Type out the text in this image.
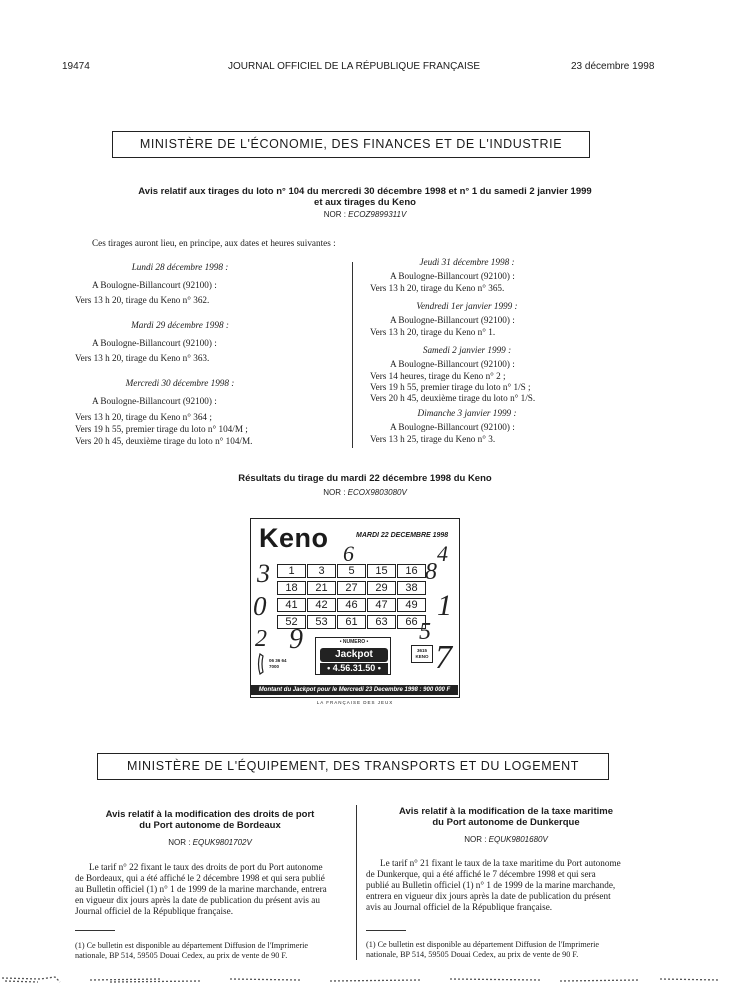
19474	JOURNAL OFFICIEL DE LA RÉPUBLIQUE FRANÇAISE	23 décembre 1998
MINISTÈRE DE L'ÉCONOMIE, DES FINANCES ET DE L'INDUSTRIE
Avis relatif aux tirages du loto n° 104 du mercredi 30 décembre 1998 et n° 1 du samedi 2 janvier 1999
et aux tirages du Keno
NOR : ECOZ9899311V
Ces tirages auront lieu, en principe, aux dates et heures suivantes :
Lundi 28 décembre 1998 :
A Boulogne-Billancourt (92100) :
Vers 13 h 20, tirage du Keno n° 362.
Mardi 29 décembre 1998 :
A Boulogne-Billancourt (92100) :
Vers 13 h 20, tirage du Keno n° 363.
Mercredi 30 décembre 1998 :
A Boulogne-Billancourt (92100) :
Vers 13 h 20, tirage du Keno n° 364 ;
Vers 19 h 55, premier tirage du loto n° 104/M ;
Vers 20 h 45, deuxième tirage du loto n° 104/M.
Jeudi 31 décembre 1998 :
A Boulogne-Billancourt (92100) :
Vers 13 h 20, tirage du Keno n° 365.
Vendredi 1er janvier 1999 :
A Boulogne-Billancourt (92100) :
Vers 13 h 20, tirage du Keno n° 1.
Samedi 2 janvier 1999 :
A Boulogne-Billancourt (92100) :
Vers 14 heures, tirage du Keno n° 2 ;
Vers 19 h 55, premier tirage du loto n° 1/S ;
Vers 20 h 45, deuxième tirage du loto n° 1/S.
Dimanche 3 janvier 1999 :
A Boulogne-Billancourt (92100) :
Vers 13 h 25, tirage du Keno n° 3.
Résultats du tirage du mardi 22 décembre 1998 du Keno
NOR : ECOX9803080V
Keno	MARDI 22 DECEMBRE 1998
1	3	5	15	16
18	21	27	29	38
41	42	46	47	49
52	53	61	63	66
6	4
3	8
0	1
2 9	5
7
06 36 64 7000
• NUMERO •
Jackpot
• 4.56.31.50 •
3615 KENO
Montant du Jackpot pour le Mercredi 23 Decembre 1998 : 900 000 F
LA FRANÇAISE DES JEUX
MINISTÈRE DE L'ÉQUIPEMENT, DES TRANSPORTS ET DU LOGEMENT
Avis relatif à la modification des droits de port
du Port autonome de Bordeaux
NOR : EQUK9801702V
Le tarif n° 22 fixant le taux des droits de port du Port autonome
de Bordeaux, qui a été affiché le 2 décembre 1998 et qui sera publié
au Bulletin officiel (1) n° 1 de 1999 de la marine marchande, entrera
en vigueur dix jours après la date de publication du présent avis au
Journal officiel de la République française.
(1) Ce bulletin est disponible au département Diffusion de l'Imprimerie
nationale, BP 514, 59505 Douai Cedex, au prix de vente de 90 F.
Avis relatif à la modification de la taxe maritime
du Port autonome de Dunkerque
NOR : EQUK9801680V
Le tarif n° 21 fixant le taux de la taxe maritime du Port autonome
de Dunkerque, qui a été affiché le 7 décembre 1998 et qui sera
publié au Bulletin officiel (1) n° 1 de 1999 de la marine marchande,
entrera en vigueur dix jours après la date de publication du présent
avis au Journal officiel de la République française.
(1) Ce bulletin est disponible au département Diffusion de l'Imprimerie
nationale, BP 514, 59505 Douai Cedex, au prix de vente de 90 F.
